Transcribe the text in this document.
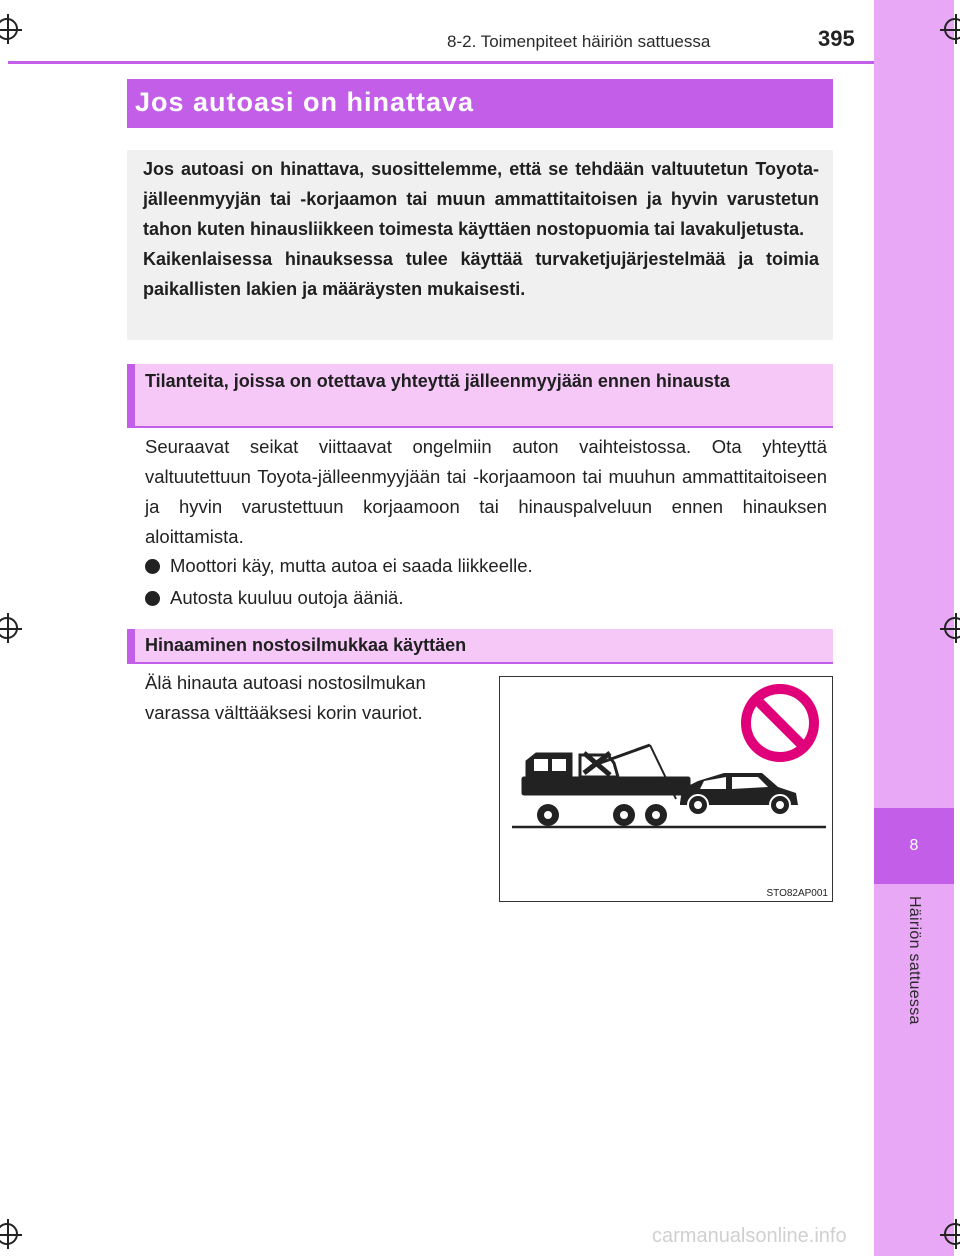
8
Häiriön sattuessa
8-2. Toimenpiteet häiriön sattuessa	395
Jos autoasi on hinattava

Jos autoasi on hinattava, suosittelemme, että se tehdään valtuutetun Toyota-jälleenmyyjän tai -korjaamon tai muun ammattitaitoisen ja hyvin varustetun tahon kuten hinausliikkeen toimesta käyttäen nostopuomia tai lavakuljetusta.

Kaikenlaisessa hinauksessa tulee käyttää turvaketjujärjestelmää ja toimia paikallisten lakien ja määräysten mukaisesti.

Tilanteita, joissa on otettava yhteyttä jälleenmyyjään ennen hinausta

Seuraavat seikat viittaavat ongelmiin auton vaihteistossa. Ota yhteyttä valtuutettuun Toyota-jälleenmyyjään tai -korjaamoon tai muuhun ammattitaitoiseen ja hyvin varustettuun korjaamoon tai hinauspalveluun ennen hinauksen aloittamista.

Moottori käy, mutta autoa ei saada liikkeelle.
Autosta kuuluu outoja ääniä.
Hinaaminen nostosilmukkaa käyttäen

Älä hinauta autoasi nostosilmukan varassa välttääksesi korin vauriot.

STO82AP001
carmanualsonline.info
